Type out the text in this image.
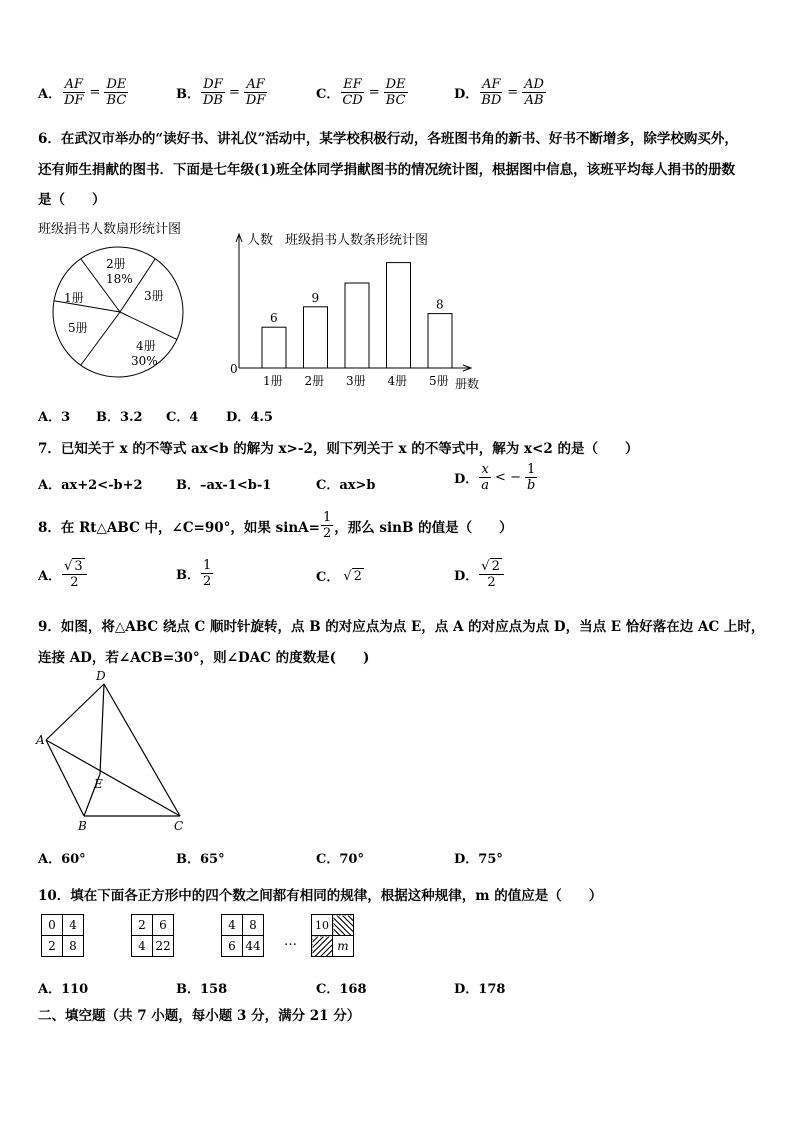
A． $\frac{AF}{DF} = \frac{DE}{BC}$	B． $\frac{DF}{DB} = \frac{AF}{DF}$	C． $\frac{EF}{CD} = \frac{DE}{BC}$	D． $\frac{AF}{BD} = \frac{AD}{AB}$
6．在武汉市举办的“读好书、讲礼仪”活动中，某学校积极行动，各班图书角的新书、好书不断增多，除学校购买外，
还有师生捐献的图书．下面是七年级(1)班全体同学捐献图书的情况统计图，根据图中信息，该班平均每人捐书的册数
是（　　）
班级捐书人数扇形统计图
2册
18%
3册
4册
30%
5册
1册
人数 班级捐书人数条形统计图
0
册数
1册
6
2册
9
3册 4册 5册
8
A．3 B．3.2 C．4 D．4.5
7．已知关于 x 的不等式 ax<b 的解为 x>-2，则下列关于 x 的不等式中，解为 x<2 的是（　　）
A．ax+2<-b+2	B．–ax-1<b-1	C．ax>b	D． $\frac{x}{a}$ < − $\frac{1}{b}$
8．在 Rt△ABC 中，∠C=90°，如果 $\sin A= \frac{1}{2}$ ，那么 sinB 的值是（　　）
A． $\frac{√ 3}{2}$	B． $\frac{1}{2}$	C． √ 2	D． $\frac{√ 2}{2}$
9．如图，将△ABC 绕点 C 顺时针旋转，点 B 的对应点为点 E，点 A 的对应点为点 D，当点 E 恰好落在边 AC 上时，
连接 AD，若∠ACB=30°，则∠DAC 的度数是(　　)
D
A
E
B	C
A．60°	B．65°	C．70°	D．75°
10．填在下面各正方形中的四个数之间都有相同的规律，根据这种规律，m 的值应是（　　）
0	4
2	8
2	6
4	22
4	8
6	44 …
10	
	m
A．110	B．158	C．168	D．178
二、填空题（共 7 小题，每小题 3 分，满分 21 分）
